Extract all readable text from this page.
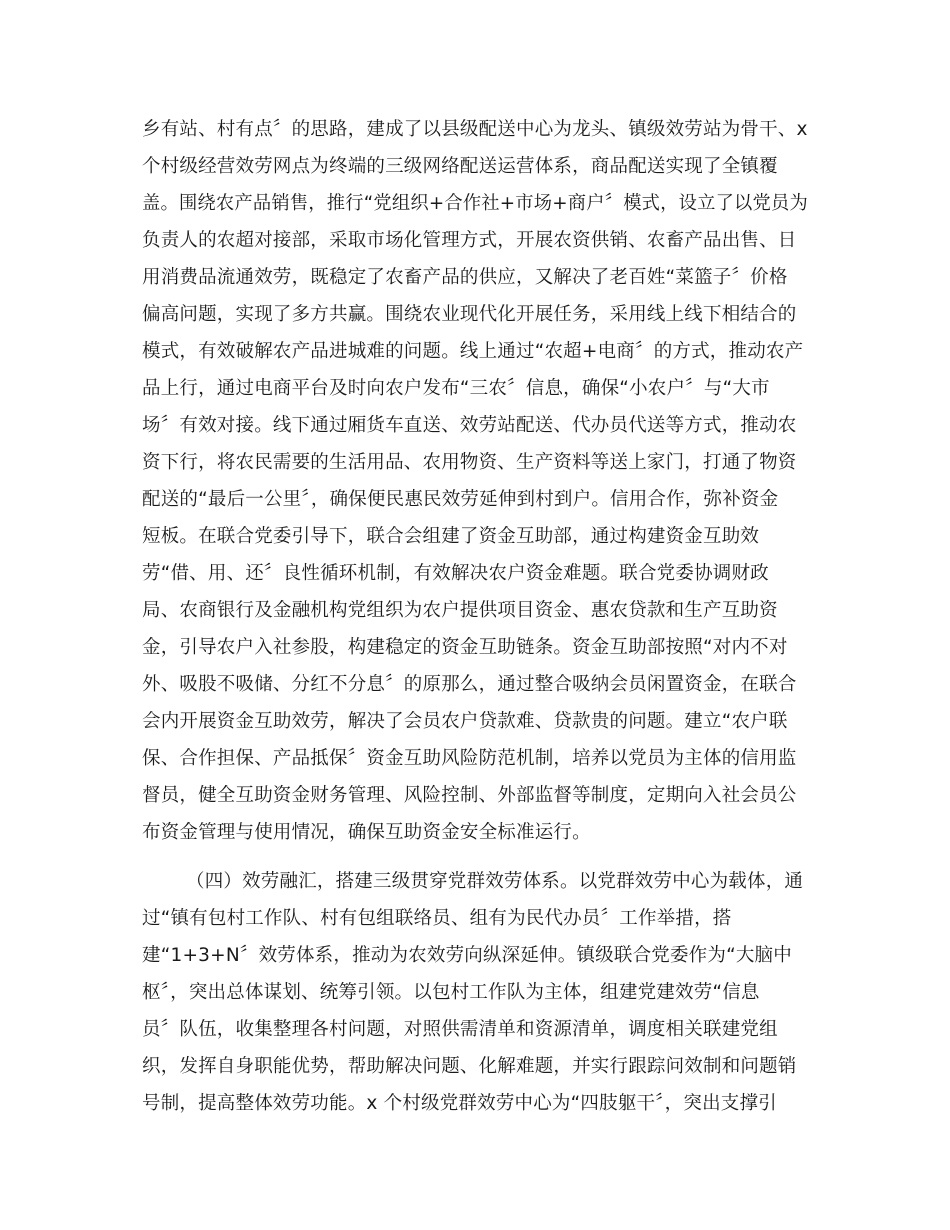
乡有站、村有点〞的思路，建成了以县级配送中心为龙头、镇级效劳站为骨干、x
个村级经营效劳网点为终端的三级网络配送运营体系，商品配送实现了全镇覆
盖。围绕农产品销售，推行“党组织+合作社+市场+商户〞模式，设立了以党员为
负责人的农超对接部，采取市场化管理方式，开展农资供销、农畜产品出售、日
用消费品流通效劳，既稳定了农畜产品的供应，又解决了老百姓“菜篮子〞价格
偏高问题，实现了多方共赢。围绕农业现代化开展任务，采用线上线下相结合的
模式，有效破解农产品进城难的问题。线上通过“农超+电商〞的方式，推动农产
品上行，通过电商平台及时向农户发布“三农〞信息，确保“小农户〞与“大市
场〞有效对接。线下通过厢货车直送、效劳站配送、代办员代送等方式，推动农
资下行，将农民需要的生活用品、农用物资、生产资料等送上家门，打通了物资
配送的“最后一公里〞，确保便民惠民效劳延伸到村到户。信用合作，弥补资金
短板。在联合党委引导下，联合会组建了资金互助部，通过构建资金互助效
劳“借、用、还〞良性循环机制，有效解决农户资金难题。联合党委协调财政
局、农商银行及金融机构党组织为农户提供项目资金、惠农贷款和生产互助资
金，引导农户入社参股，构建稳定的资金互助链条。资金互助部按照“对内不对
外、吸股不吸储、分红不分息〞的原那么，通过整合吸纳会员闲置资金，在联合
会内开展资金互助效劳，解决了会员农户贷款难、贷款贵的问题。建立“农户联
保、合作担保、产品抵保〞资金互助风险防范机制，培养以党员为主体的信用监
督员，健全互助资金财务管理、风险控制、外部监督等制度，定期向入社会员公
布资金管理与使用情况，确保互助资金安全标准运行。
（四）效劳融汇，搭建三级贯穿党群效劳体系。以党群效劳中心为载体，通
过“镇有包村工作队、村有包组联络员、组有为民代办员〞工作举措，搭
建“1+3+N〞效劳体系，推动为农效劳向纵深延伸。镇级联合党委作为“大脑中
枢〞，突出总体谋划、统筹引领。以包村工作队为主体，组建党建效劳“信息
员〞队伍，收集整理各村问题，对照供需清单和资源清单，调度相关联建党组
织，发挥自身职能优势，帮助解决问题、化解难题，并实行跟踪问效制和问题销
号制，提高整体效劳功能。x 个村级党群效劳中心为“四肢躯干〞，突出支撑引
